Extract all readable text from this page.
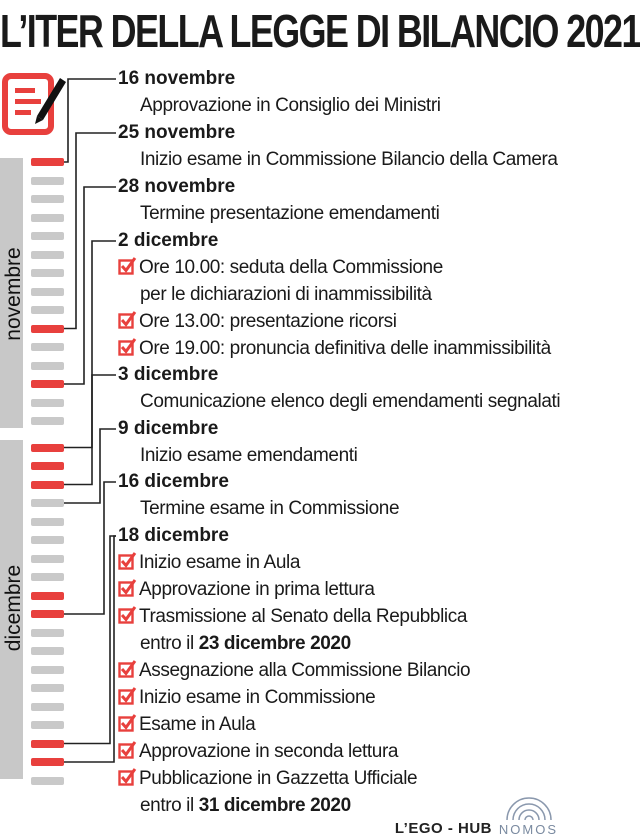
L’ITER DELLA LEGGE DI BILANCIO 2021
novembre
dicembre
16 novembre
Approvazione in Consiglio dei Ministri
25 novembre
Inizio esame in Commissione Bilancio della Camera
28 novembre
Termine presentazione emendamenti
2 dicembre
Ore 10.00: seduta della Commissione
per le dichiarazioni di inammissibilità
Ore 13.00: presentazione ricorsi
Ore 19.00: pronuncia definitiva delle inammissibilità
3 dicembre
Comunicazione elenco degli emendamenti segnalati
9 dicembre
Inizio esame emendamenti
16 dicembre
Termine esame in Commissione
18 dicembre
Inizio esame in Aula
Approvazione in prima lettura
Trasmissione al Senato della Repubblica
entro il 23 dicembre 2020
Assegnazione alla Commissione Bilancio
Inizio esame in Commissione
Esame in Aula
Approvazione in seconda lettura
Pubblicazione in Gazzetta Ufficiale
entro il 31 dicembre 2020
L’EGO - HUB NOMOS
